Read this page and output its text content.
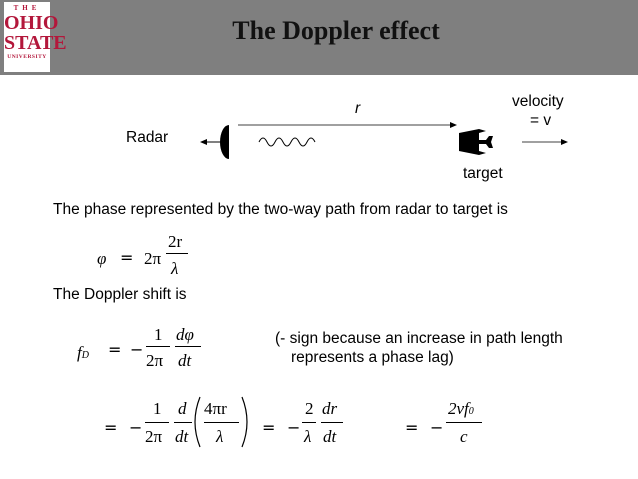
THE
OHIO
STATE
UNIVERSITY
The Doppler effect
Radar
r	velocity
= v
target
The phase represented by the two-way path from radar to target is
φ = 2π
2r
λ
The Doppler shift is
fD = −
1
2π
dφ
dt
(- sign because an increase in path length
represents a phase lag)
= −
1
2π
d
dt
4πr
λ = −
2
λ
dr
dt	= −
2vf0
c
